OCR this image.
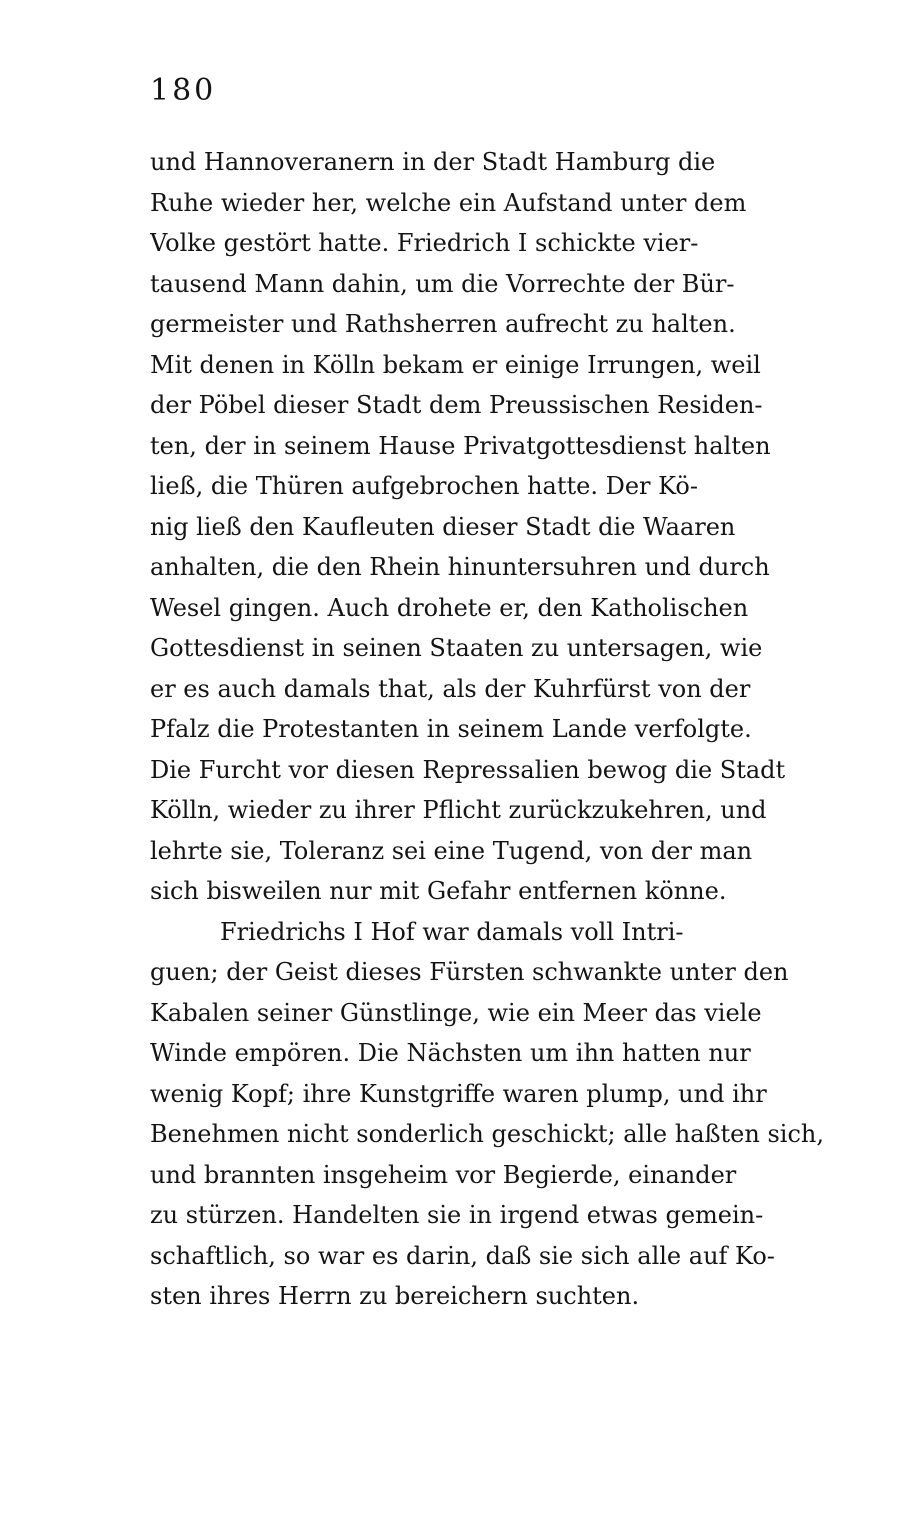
180
und Hannoveranern in der Stadt Hamburg die
Ruhe wieder her, welche ein Aufstand unter dem
Volke gestört hatte. Friedrich I schickte vier-
tausend Mann dahin, um die Vorrechte der Bür-
germeister und Rathsherren aufrecht zu halten.
Mit denen in Kölln bekam er einige Irrungen, weil
der Pöbel dieser Stadt dem Preussischen Residen-
ten, der in seinem Hause Privatgottesdienst halten
ließ, die Thüren aufgebrochen hatte. Der Kö-
nig ließ den Kaufleuten dieser Stadt die Waaren
anhalten, die den Rhein hinuntersuhren und durch
Wesel gingen. Auch drohete er, den Katholischen
Gottesdienst in seinen Staaten zu untersagen, wie
er es auch damals that, als der Kuhrfürst von der
Pfalz die Protestanten in seinem Lande verfolgte.
Die Furcht vor diesen Repressalien bewog die Stadt
Kölln, wieder zu ihrer Pflicht zurückzukehren, und
lehrte sie, Toleranz sei eine Tugend, von der man
sich bisweilen nur mit Gefahr entfernen könne.
Friedrichs I Hof war damals voll Intri-
guen; der Geist dieses Fürsten schwankte unter den
Kabalen seiner Günstlinge, wie ein Meer das viele
Winde empören. Die Nächsten um ihn hatten nur
wenig Kopf; ihre Kunstgriffe waren plump, und ihr
Benehmen nicht sonderlich geschickt; alle haßten sich,
und brannten insgeheim vor Begierde, einander
zu stürzen. Handelten sie in irgend etwas gemein-
schaftlich, so war es darin, daß sie sich alle auf Ko-
sten ihres Herrn zu bereichern suchten.
